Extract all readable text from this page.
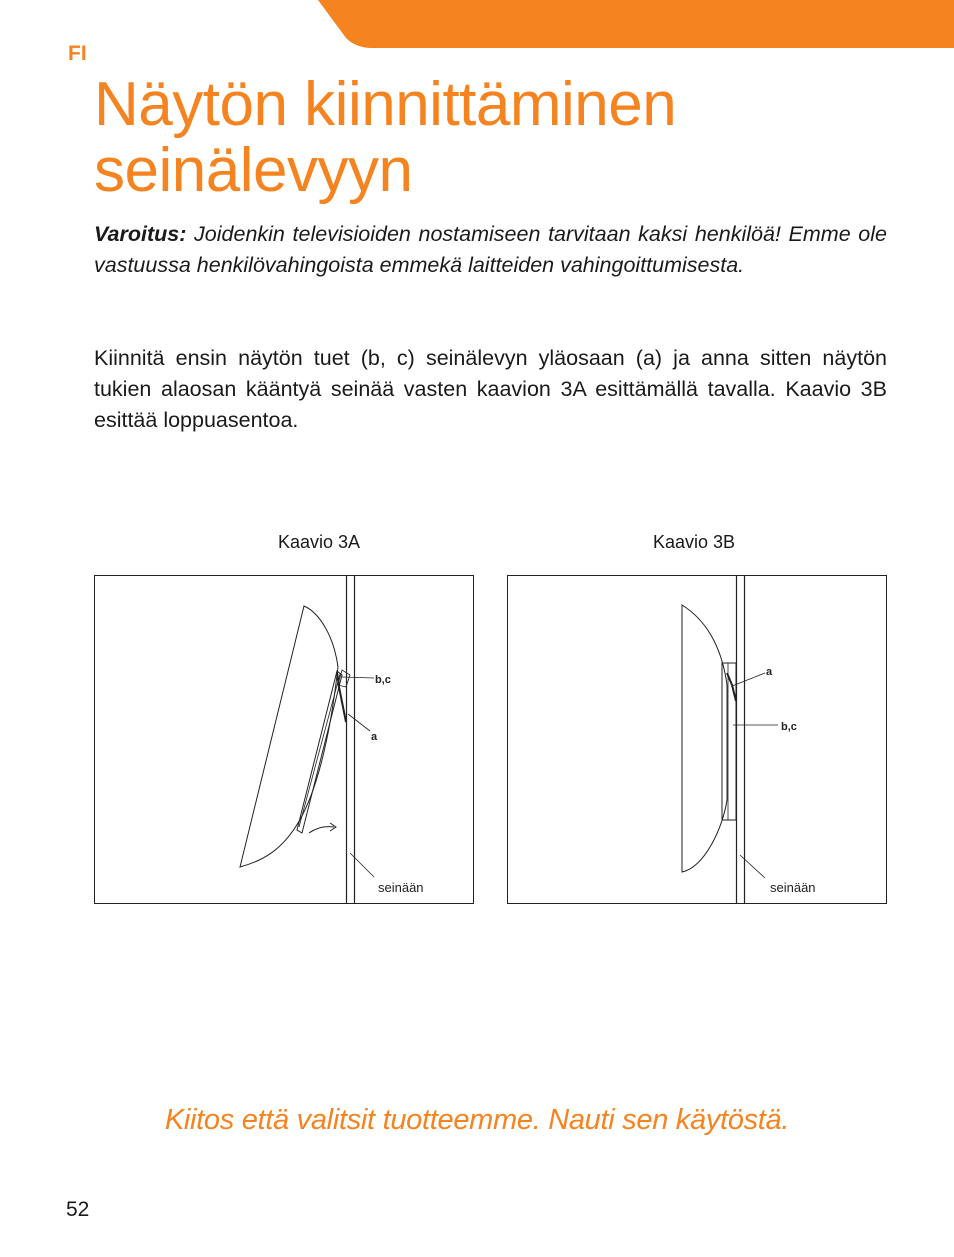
FI
Näytön kiinnittäminen
seinälevyyn

Varoitus: Joidenkin televisioiden nostamiseen tarvitaan kaksi henkilöä! Emme ole vastuussa henkilövahingoista emmekä laitteiden vahingoittumisesta.

Kiinnitä ensin näytön tuet (b, c) seinälevyn yläosaan (a) ja anna sitten näytön tukien alaosan kääntyä seinää vasten kaavion 3A esittämällä tavalla. Kaavio 3B esittää loppuasentoa.

Kaavio 3A	Kaavio 3B
b,c
a
seinään
a
b,c
seinään

Kiitos että valitsit tuotteemme. Nauti sen käytöstä.

52
